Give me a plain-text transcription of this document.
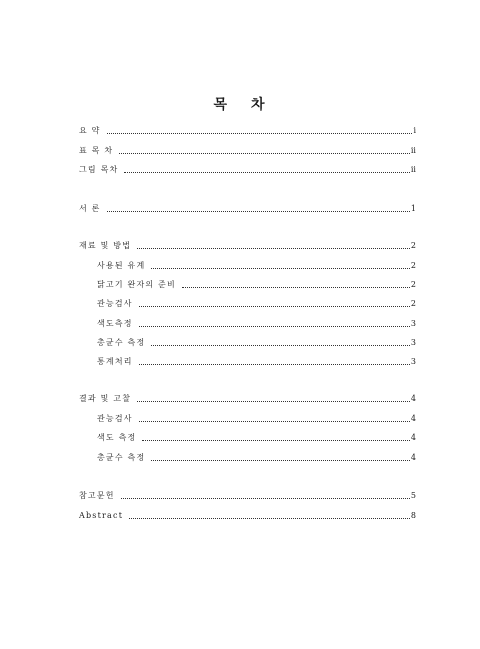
목 차
요 약	i
표 목 차	ii
그림 목차	ii
서 론	1
재료 및 방법	2
사용된 유계	2
닭고기 완자의 준비	2
관능검사	2
색도측정	3
총균수 측정	3
통계처리	3
결과 및 고찰	4
관능검사	4
색도 측정	4
총균수 측정	4
참고문헌	5
Abstract	8
